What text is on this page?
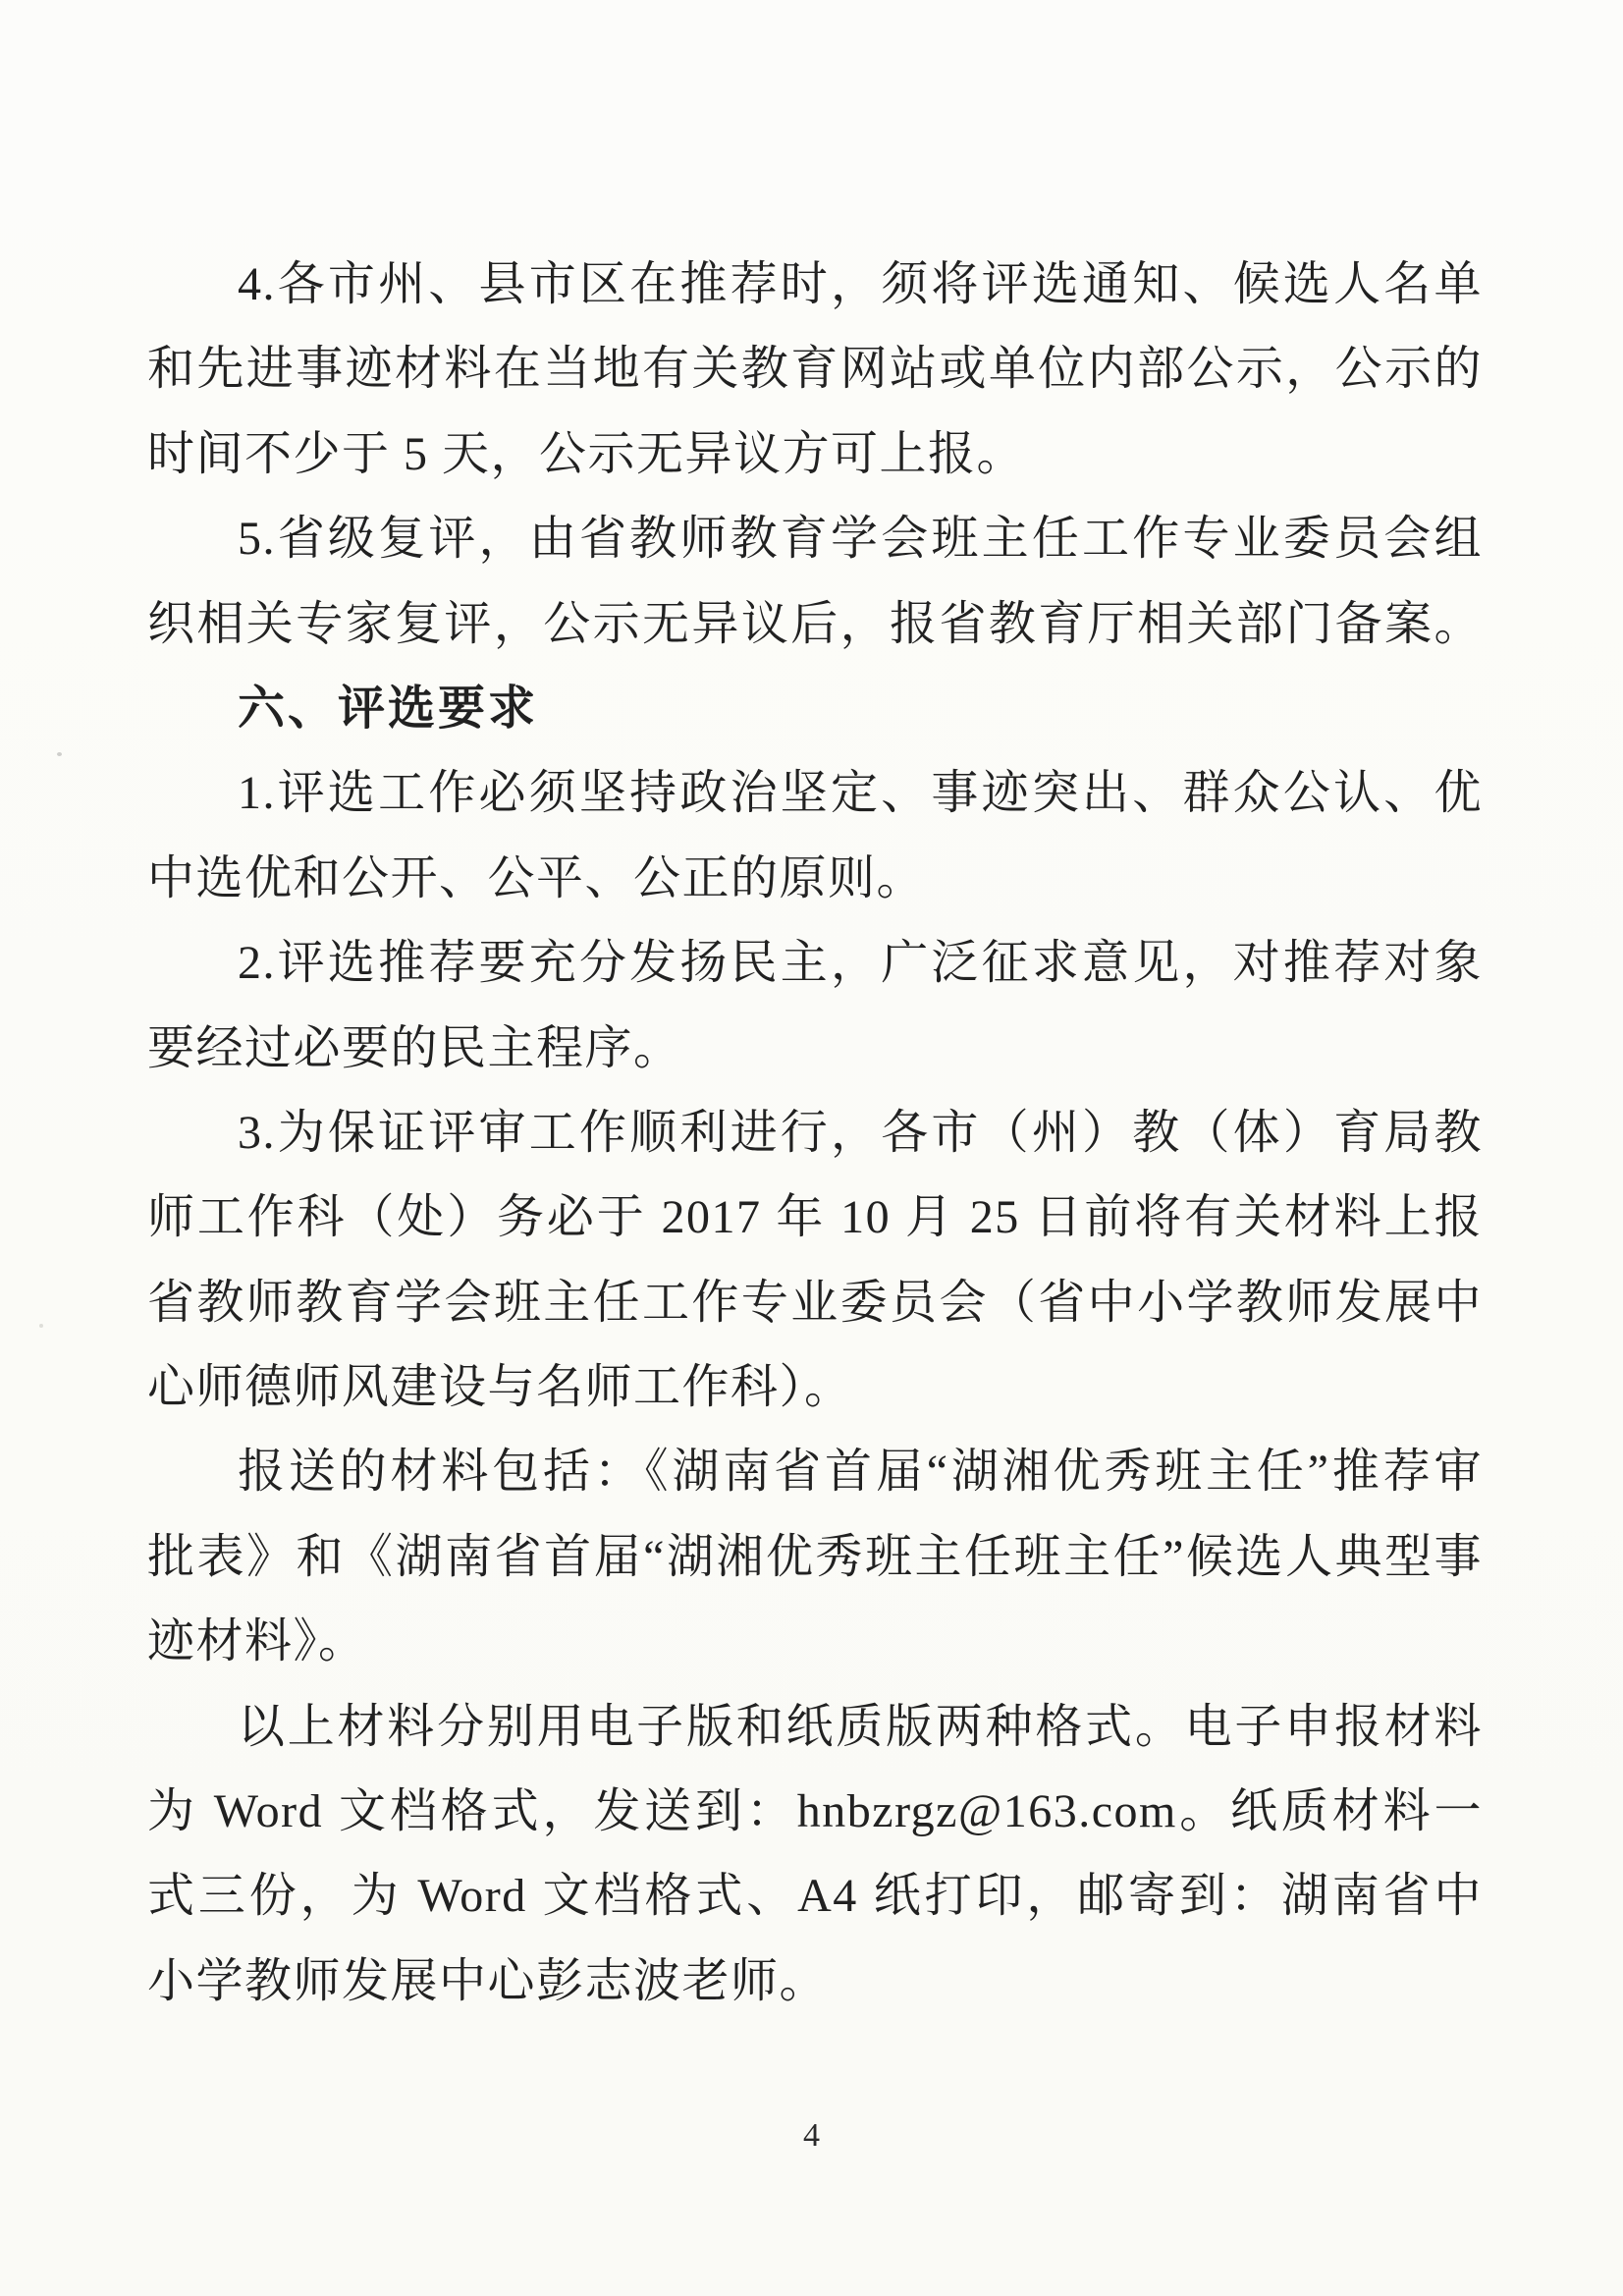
4.各市州、县市区在推荐时，须将评选通知、候选人名单
和先进事迹材料在当地有关教育网站或单位内部公示，公示的
时间不少于 5 天，公示无异议方可上报。
5.省级复评，由省教师教育学会班主任工作专业委员会组
织相关专家复评，公示无异议后，报省教育厅相关部门备案。
六、评选要求
1.评选工作必须坚持政治坚定、事迹突出、群众公认、优
中选优和公开、公平、公正的原则。
2.评选推荐要充分发扬民主，广泛征求意见，对推荐对象
要经过必要的民主程序。
3.为保证评审工作顺利进行，各市（州）教（体）育局教
师工作科（处）务必于 2017 年 10 月 25 日前将有关材料上报
省教师教育学会班主任工作专业委员会（省中小学教师发展中
心师德师风建设与名师工作科）。
报送的材料包括：《湖南省首届“湖湘优秀班主任”推荐审
批表》和《湖南省首届“湖湘优秀班主任班主任”候选人典型事
迹材料》。
以上材料分别用电子版和纸质版两种格式。电子申报材料
为 Word 文档格式，发送到：hnbzrgz@163.com。纸质材料一
式三份，为 Word 文档格式、A4 纸打印，邮寄到：湖南省中
小学教师发展中心彭志波老师。
4
